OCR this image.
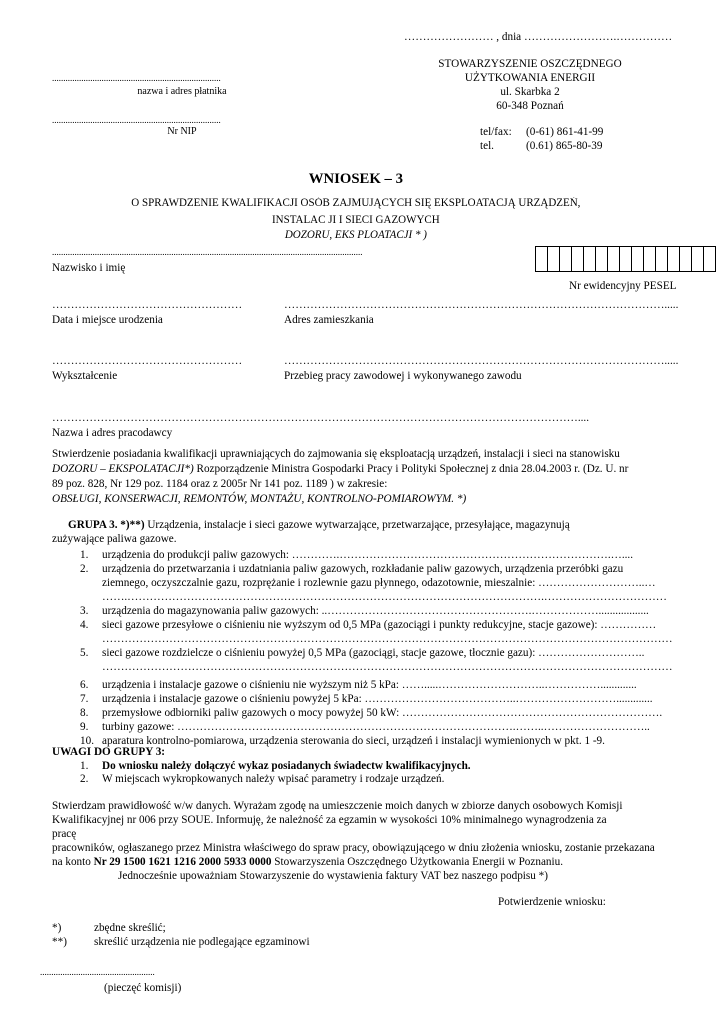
…………………… , dnia …………………….……………
STOWARZYSZENIE OSZCZĘDNEGO
UŻYTKOWANIA ENERGII
ul. Skarbka 2
60-348 Poznań
tel/fax: (0-61) 861-41-99
tel.	(0.61) 865-80-39
...........................................................................
nazwa i adres płatnika
...........................................................................
Nr NIP
WNIOSEK – 3
O SPRAWDZENIE KWALIFIKACJI OSÓB ZAJMUJĄCYCH SIĘ EKSPLOATACJĄ URZĄDZEŃ,
INSTALAC JI I SIECI GAZOWYCH
DOZORU, EKS PLOATACJI * )
..........................................................................................................................................
Nazwisko i imię
Nr ewidencyjny PESEL
……………………………………………
Data i miejsce urodzenia
………………………………………………………………………………………….....
Adres zamieszkania
……………………………………………
Wykształcenie
………………………………………………………………………………………….....
Przebieg pracy zawodowej i wykonywanego zawodu
……………………………………………………………………………………………………………………………....
Nazwa i adres pracodawcy
Stwierdzenie posiadania kwalifikacji uprawniających do zajmowania się eksploatacją urządzeń, instalacji i sieci na stanowisku
DOZORU – EKSPOLATACJI*) Rozporządzenie Ministra Gospodarki Pracy i Polityki Społecznej z dnia 28.04.2003 r. (Dz. U. nr
89 poz. 828, Nr 129 poz. 1184 oraz z 2005r Nr 141 poz. 1189 ) w zakresie:
OBSŁUGI, KONSERWACJI, REMONTÓW, MONTAŻU, KONTROLNO-POMIAROWYM. *)
GRUPA 3. *)**) Urządzenia, instalacje i sieci gazowe wytwarzające, przetwarzające, przesyłające, magazynują
zużywające paliwa gazowe.
1. urządzenia do produkcji paliw gazowych: ………….……………………………………………………………….…....
2. urządzenia do przetwarzania i uzdatniania paliw gazowych, rozkładanie paliw gazowych, urządzenia przeróbki gazu
ziemnego, oczyszczalnie gazu, rozprężanie i rozlewnie gazu płynnego, odazotownie, mieszalnie: ………………………..…
…….………………………………………………………………………………………………….……………………………
3. urządzenia do magazynowania paliw gazowych: ..……………………………………………….………………..................
4. sieci gazowe przesyłowe o ciśnieniu nie wyższym od 0,5 MPa (gazociągi i punkty redukcyjne, stacje gazowe): ……………
………………………………………………………………………………………………………………………………………
5. sieci gazowe rozdzielcze o ciśnieniu powyżej 0,5 MPa (gazociągi, stacje gazowe, tłocznie gazu): ………………………..
………………………………………………………………………………………………………………………………………
6. urządzenia i instalacje gazowe o ciśnieniu nie wyższym niż 5 kPa: …….....………………………..…………….............
7. urządzenia i instalacje gazowe o ciśnieniu powyżej 5 kPa: …………………………………..……………………….............
8. przemysłowe odbiorniki paliw gazowych o mocy powyżej 50 kW: …………………………………………………………….
9. turbiny gazowe: ……………………………………………………………………………….……..………………………..
10. aparatura kontrolno-pomiarowa, urządzenia sterowania do sieci, urządzeń i instalacji wymienionych w pkt. 1 -9.
UWAGI DO GRUPY 3:
1. Do wniosku należy dołączyć wykaz posiadanych świadectw kwalifikacyjnych.
2. W miejscach wykropkowanych należy wpisać parametry i rodzaje urządzeń.
Stwierdzam prawidłowość w/w danych. Wyrażam zgodę na umieszczenie moich danych w zbiorze danych osobowych Komisji
Kwalifikacyjnej nr 006 przy SOUE. Informuję, że należność za egzamin w wysokości 10% minimalnego wynagrodzenia za
pracę
pracowników, ogłaszanego przez Ministra właściwego do spraw pracy, obowiązującego w dniu złożenia wniosku, zostanie przekazana
na konto Nr 29 1500 1621 1216 2000 5933 0000 Stowarzyszenia Oszczędnego Użytkowania Energii w Poznaniu.
Jednocześnie upoważniam Stowarzyszenie do wystawienia faktury VAT bez naszego podpisu *)
Potwierdzenie wniosku:
*)	zbędne skreślić;
**) skreślić urządzenia nie podlegające egzaminowi
...................................................
(pieczęć komisji)
